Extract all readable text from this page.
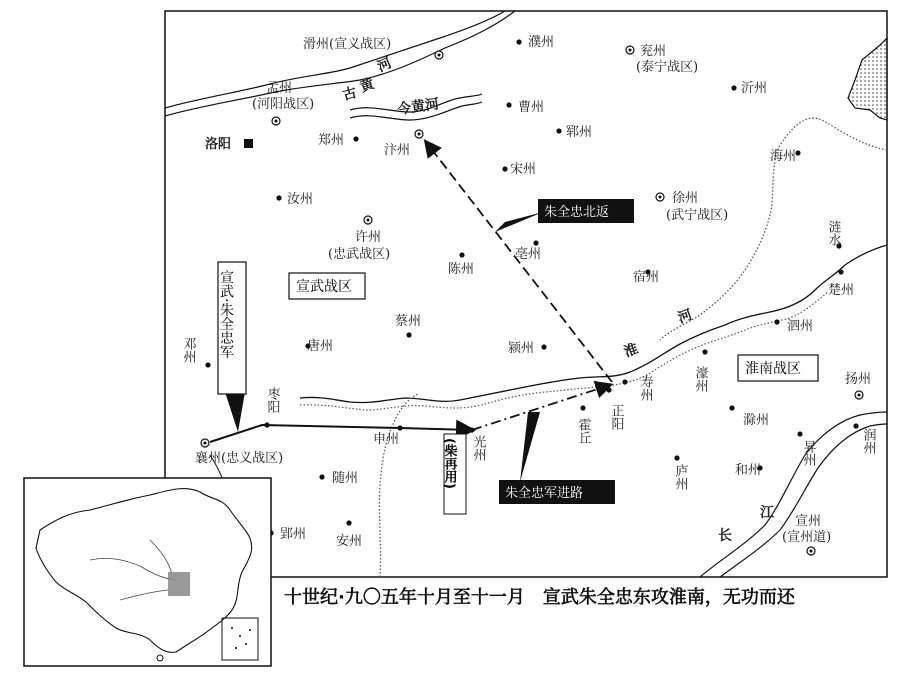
滑州(宣义战区)	濮州
兖州
(泰宁战区)
沂州
孟州
(河阳战区)
洛阳	郑州
汴州
曹州
郓州
宋州
海州
汝州
许州
(忠武战区)
徐州
(武宁战区)
亳州
陈州
宿州
涟水
楚州
泗州
蔡州
唐州	颍州
邓州
濠州
寿州
正阳
霍丘
枣阳
申州	光州
襄州(忠义战区)
随州	庐州
滁州
和州
扬州
昇州	润州
郢州 安州
宣州
(宣州道)
古 黄
河
今黄河
淮
河
长
江
宣武战区
淮南战区
朱全忠北返
朱全忠军进路
宣武·朱全忠军
(柴再用)
十世纪·九〇五年十月至十一月　宣武朱全忠东攻淮南，无功而还
